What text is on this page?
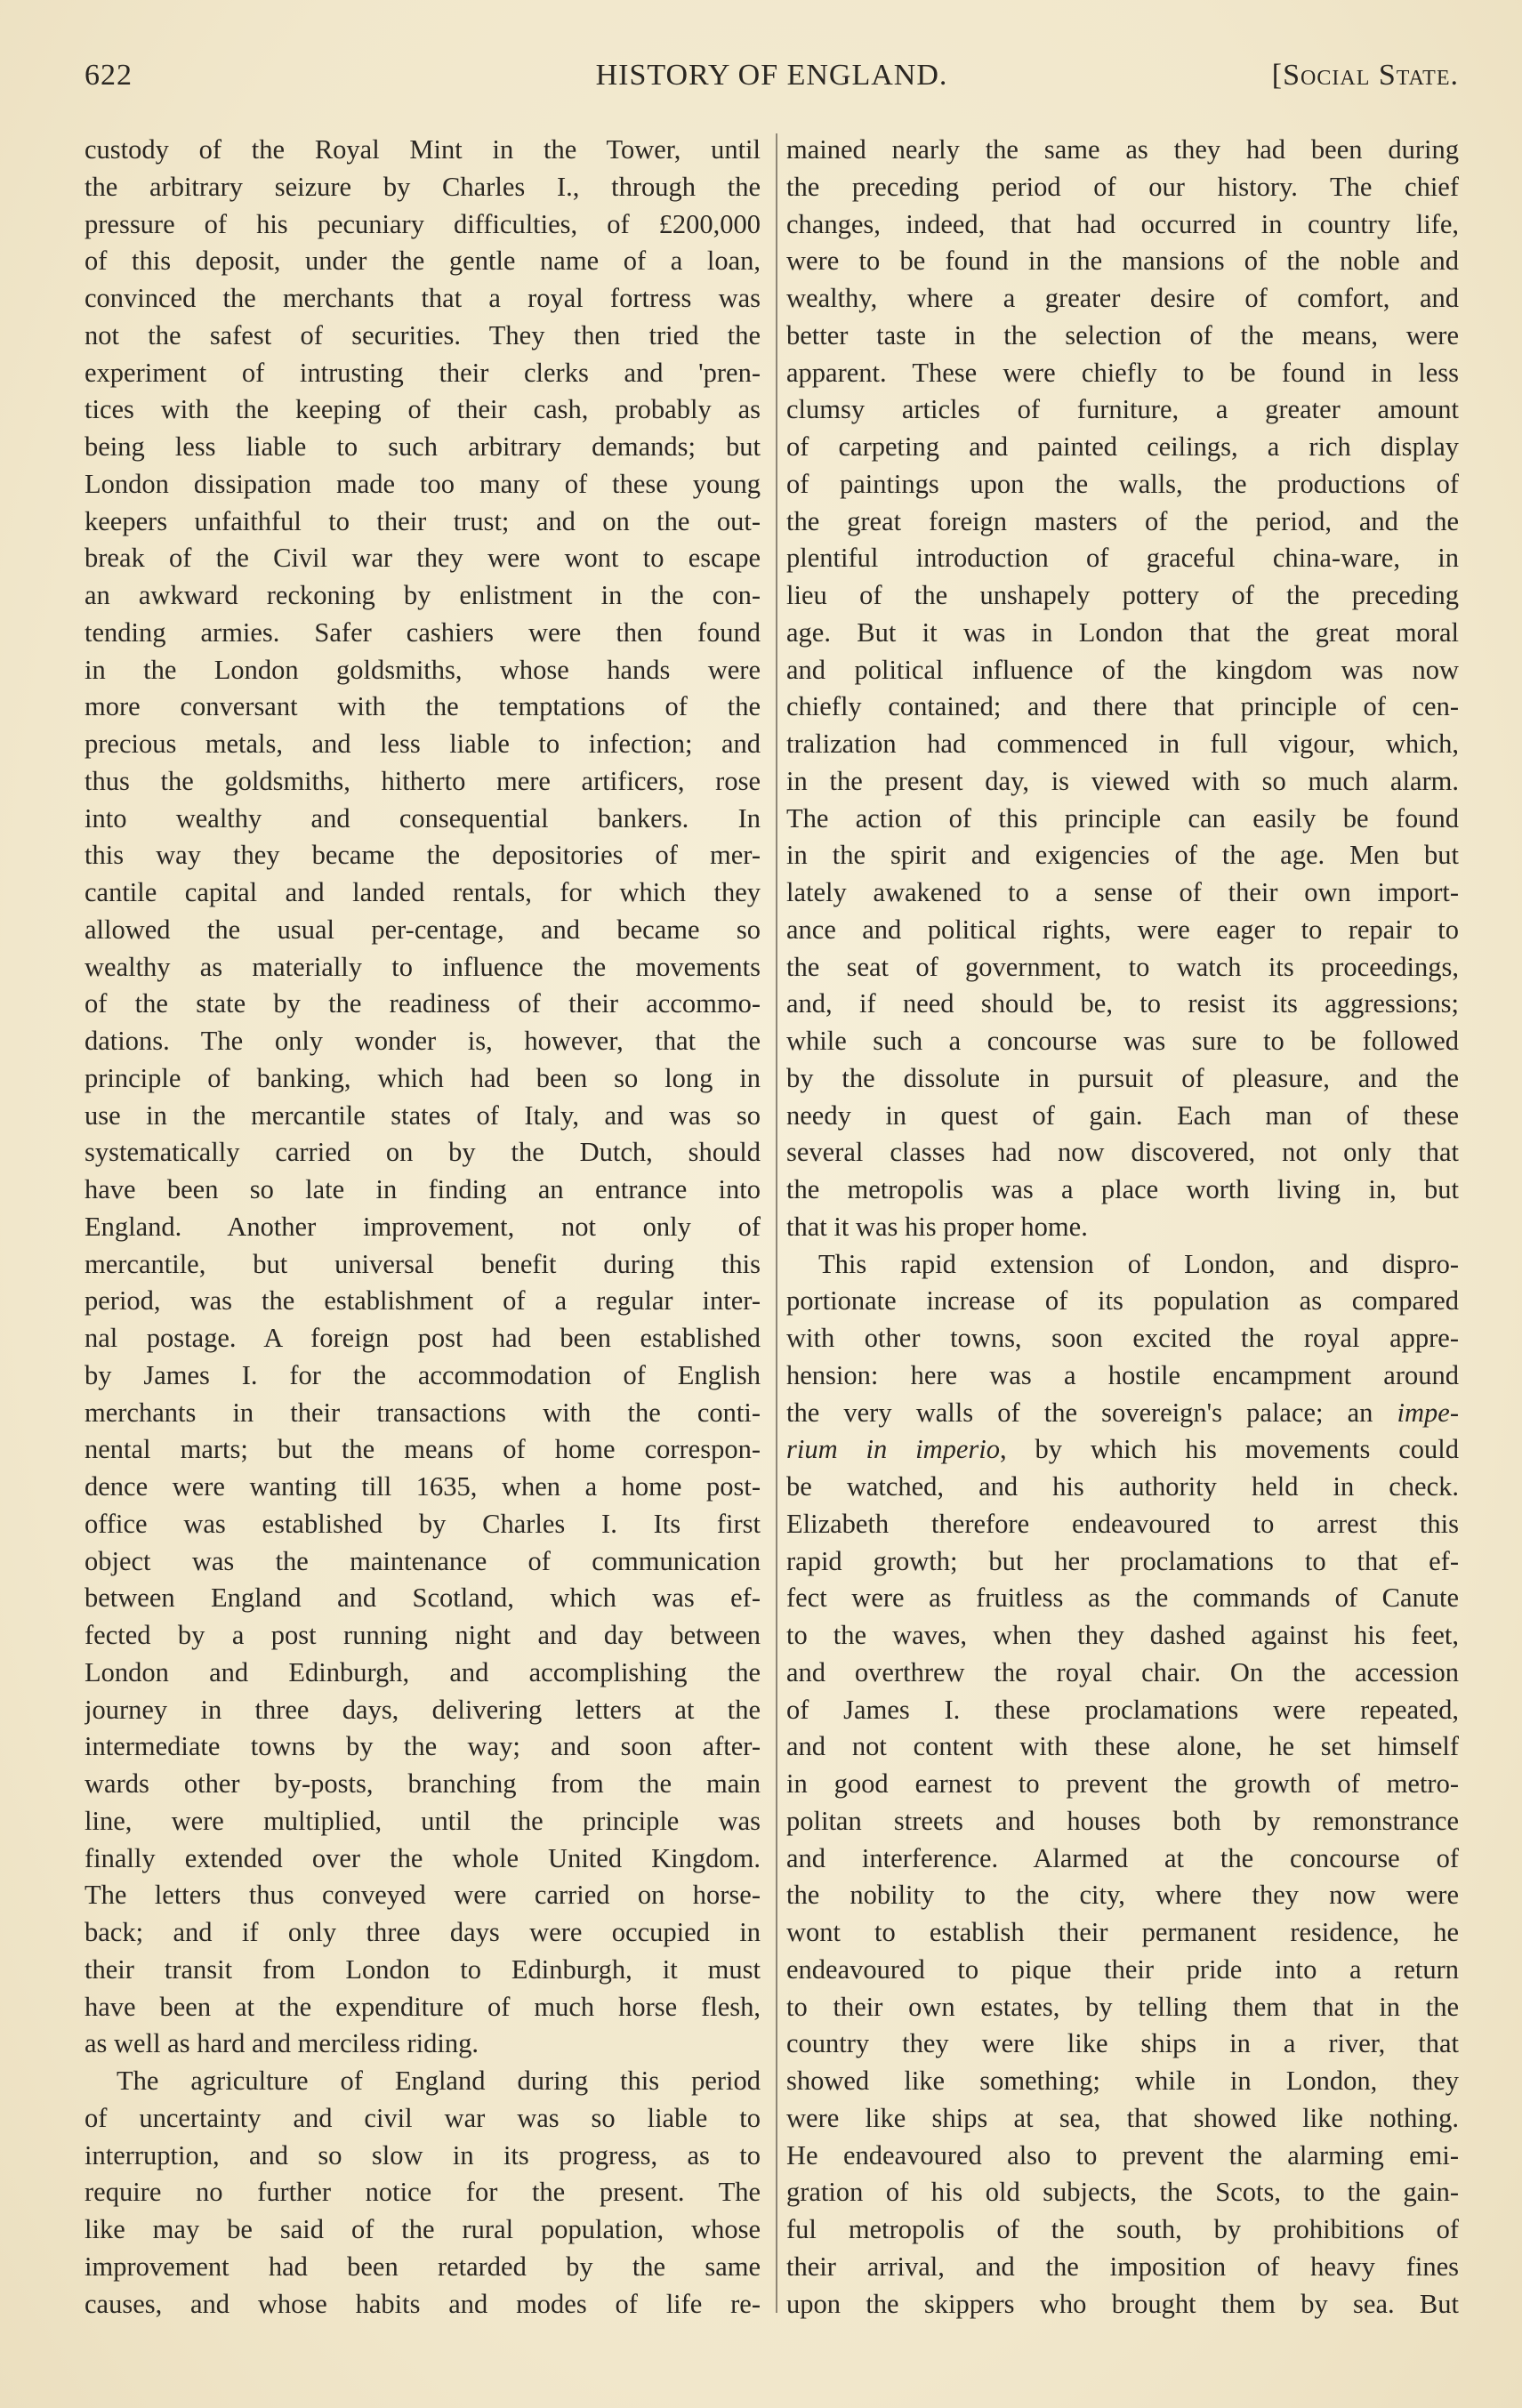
622	HISTORY OF ENGLAND.	[Social State.
custody of the Royal Mint in the Tower, until
the arbitrary seizure by Charles I., through the
pressure of his pecuniary difficulties, of £200,000
of this deposit, under the gentle name of a loan,
convinced the merchants that a royal fortress was
not the safest of securities. They then tried the
experiment of intrusting their clerks and 'pren-
tices with the keeping of their cash, probably as
being less liable to such arbitrary demands; but
London dissipation made too many of these young
keepers unfaithful to their trust; and on the out-
break of the Civil war they were wont to escape
an awkward reckoning by enlistment in the con-
tending armies. Safer cashiers were then found
in the London goldsmiths, whose hands were
more conversant with the temptations of the
precious metals, and less liable to infection; and
thus the goldsmiths, hitherto mere artificers, rose
into wealthy and consequential bankers. In
this way they became the depositories of mer-
cantile capital and landed rentals, for which they
allowed the usual per-centage, and became so
wealthy as materially to influence the movements
of the state by the readiness of their accommo-
dations. The only wonder is, however, that the
principle of banking, which had been so long in
use in the mercantile states of Italy, and was so
systematically carried on by the Dutch, should
have been so late in finding an entrance into
England. Another improvement, not only of
mercantile, but universal benefit during this
period, was the establishment of a regular inter-
nal postage. A foreign post had been established
by James I. for the accommodation of English
merchants in their transactions with the conti-
nental marts; but the means of home correspon-
dence were wanting till 1635, when a home post-
office was established by Charles I. Its first
object was the maintenance of communication
between England and Scotland, which was ef-
fected by a post running night and day between
London and Edinburgh, and accomplishing the
journey in three days, delivering letters at the
intermediate towns by the way; and soon after-
wards other by-posts, branching from the main
line, were multiplied, until the principle was
finally extended over the whole United Kingdom.
The letters thus conveyed were carried on horse-
back; and if only three days were occupied in
their transit from London to Edinburgh, it must
have been at the expenditure of much horse flesh,
as well as hard and merciless riding.
The agriculture of England during this period
of uncertainty and civil war was so liable to
interruption, and so slow in its progress, as to
require no further notice for the present. The
like may be said of the rural population, whose
improvement had been retarded by the same
causes, and whose habits and modes of life re-
mained nearly the same as they had been during
the preceding period of our history. The chief
changes, indeed, that had occurred in country life,
were to be found in the mansions of the noble and
wealthy, where a greater desire of comfort, and
better taste in the selection of the means, were
apparent. These were chiefly to be found in less
clumsy articles of furniture, a greater amount
of carpeting and painted ceilings, a rich display
of paintings upon the walls, the productions of
the great foreign masters of the period, and the
plentiful introduction of graceful china-ware, in
lieu of the unshapely pottery of the preceding
age. But it was in London that the great moral
and political influence of the kingdom was now
chiefly contained; and there that principle of cen-
tralization had commenced in full vigour, which,
in the present day, is viewed with so much alarm.
The action of this principle can easily be found
in the spirit and exigencies of the age. Men but
lately awakened to a sense of their own import-
ance and political rights, were eager to repair to
the seat of government, to watch its proceedings,
and, if need should be, to resist its aggressions;
while such a concourse was sure to be followed
by the dissolute in pursuit of pleasure, and the
needy in quest of gain. Each man of these
several classes had now discovered, not only that
the metropolis was a place worth living in, but
that it was his proper home.
This rapid extension of London, and dispro-
portionate increase of its population as compared
with other towns, soon excited the royal appre-
hension: here was a hostile encampment around
the very walls of the sovereign's palace; an impe-
rium in imperio, by which his movements could
be watched, and his authority held in check.
Elizabeth therefore endeavoured to arrest this
rapid growth; but her proclamations to that ef-
fect were as fruitless as the commands of Canute
to the waves, when they dashed against his feet,
and overthrew the royal chair. On the accession
of James I. these proclamations were repeated,
and not content with these alone, he set himself
in good earnest to prevent the growth of metro-
politan streets and houses both by remonstrance
and interference. Alarmed at the concourse of
the nobility to the city, where they now were
wont to establish their permanent residence, he
endeavoured to pique their pride into a return
to their own estates, by telling them that in the
country they were like ships in a river, that
showed like something; while in London, they
were like ships at sea, that showed like nothing.
He endeavoured also to prevent the alarming emi-
gration of his old subjects, the Scots, to the gain-
ful metropolis of the south, by prohibitions of
their arrival, and the imposition of heavy fines
upon the skippers who brought them by sea. But
